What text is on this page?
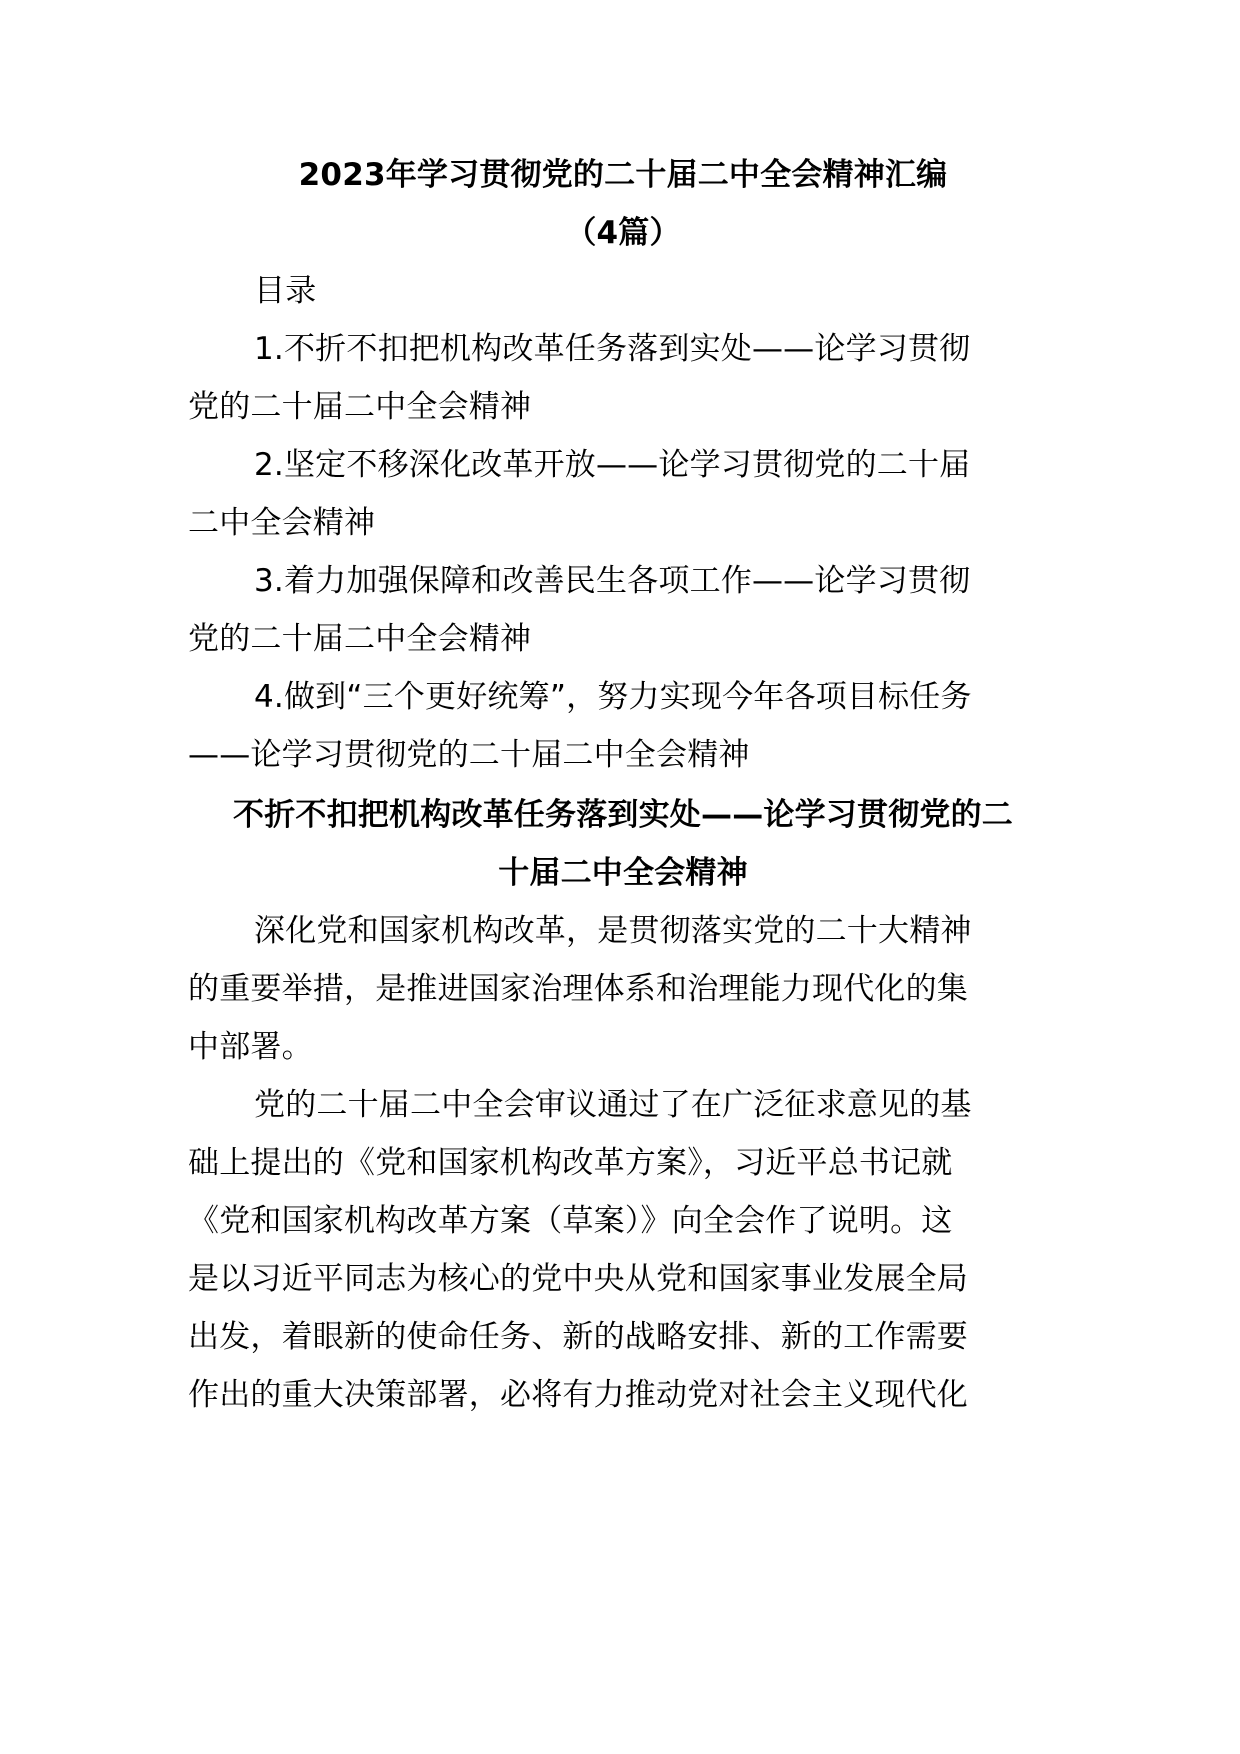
2023年学习贯彻党的二十届二中全会精神汇编
（4篇）
目录
1.不折不扣把机构改革任务落到实处——论学习贯彻
党的二十届二中全会精神
2.坚定不移深化改革开放——论学习贯彻党的二十届
二中全会精神
3.着力加强保障和改善民生各项工作——论学习贯彻
党的二十届二中全会精神
4.做到“三个更好统筹”，努力实现今年各项目标任务
——论学习贯彻党的二十届二中全会精神
不折不扣把机构改革任务落到实处——论学习贯彻党的二
十届二中全会精神
深化党和国家机构改革，是贯彻落实党的二十大精神
的重要举措，是推进国家治理体系和治理能力现代化的集
中部署。
党的二十届二中全会审议通过了在广泛征求意见的基
础上提出的《党和国家机构改革方案》，习近平总书记就
《党和国家机构改革方案（草案）》向全会作了说明。这
是以习近平同志为核心的党中央从党和国家事业发展全局
出发，着眼新的使命任务、新的战略安排、新的工作需要
作出的重大决策部署，必将有力推动党对社会主义现代化
